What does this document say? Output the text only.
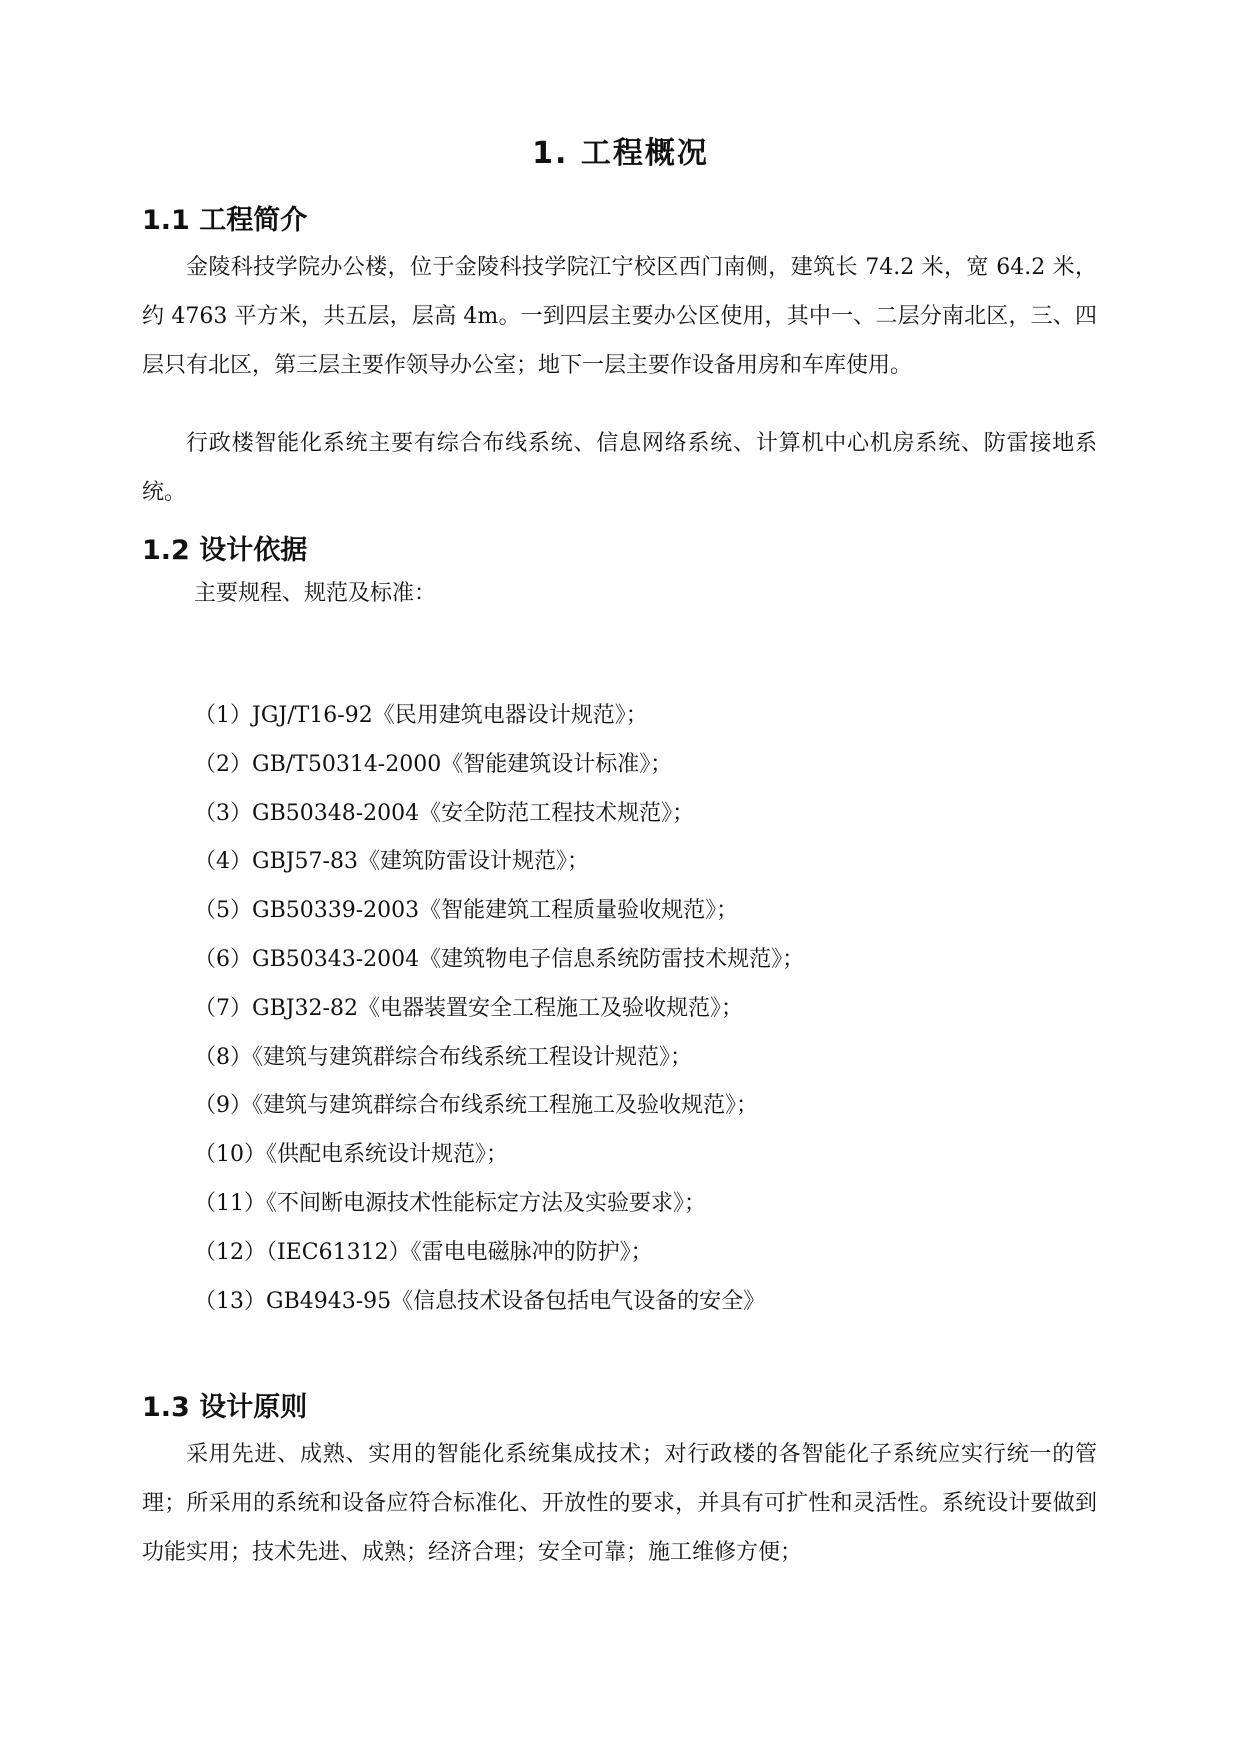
1. 工程概况
1.1 工程简介

金陵科技学院办公楼，位于金陵科技学院江宁校区西门南侧，建筑长 74.2 米，宽 64.2 米，约 4763 平方米，共五层，层高 4m。一到四层主要办公区使用，其中一、二层分南北区，三、四层只有北区，第三层主要作领导办公室；地下一层主要作设备用房和车库使用。

行政楼智能化系统主要有综合布线系统、信息网络系统、计算机中心机房系统、防雷接地系统。

1.2 设计依据
主要规程、规范及标准：
（1）JGJ/T16-92《民用建筑电器设计规范》；
（2）GB/T50314-2000《智能建筑设计标准》；
（3）GB50348-2004《安全防范工程技术规范》；
（4）GBJ57-83《建筑防雷设计规范》；
（5）GB50339-2003《智能建筑工程质量验收规范》；
（6）GB50343-2004《建筑物电子信息系统防雷技术规范》；
（7）GBJ32-82《电器装置安全工程施工及验收规范》；
（8）《建筑与建筑群综合布线系统工程设计规范》；
（9）《建筑与建筑群综合布线系统工程施工及验收规范》；
（10）《供配电系统设计规范》；
（11）《不间断电源技术性能标定方法及实验要求》；
（12）（IEC61312）《雷电电磁脉冲的防护》；
（13）GB4943-95《信息技术设备包括电气设备的安全》
1.3 设计原则

采用先进、成熟、实用的智能化系统集成技术；对行政楼的各智能化子系统应实行统一的管理；所采用的系统和设备应符合标准化、开放性的要求，并具有可扩性和灵活性。系统设计要做到功能实用；技术先进、成熟；经济合理；安全可靠；施工维修方便；
